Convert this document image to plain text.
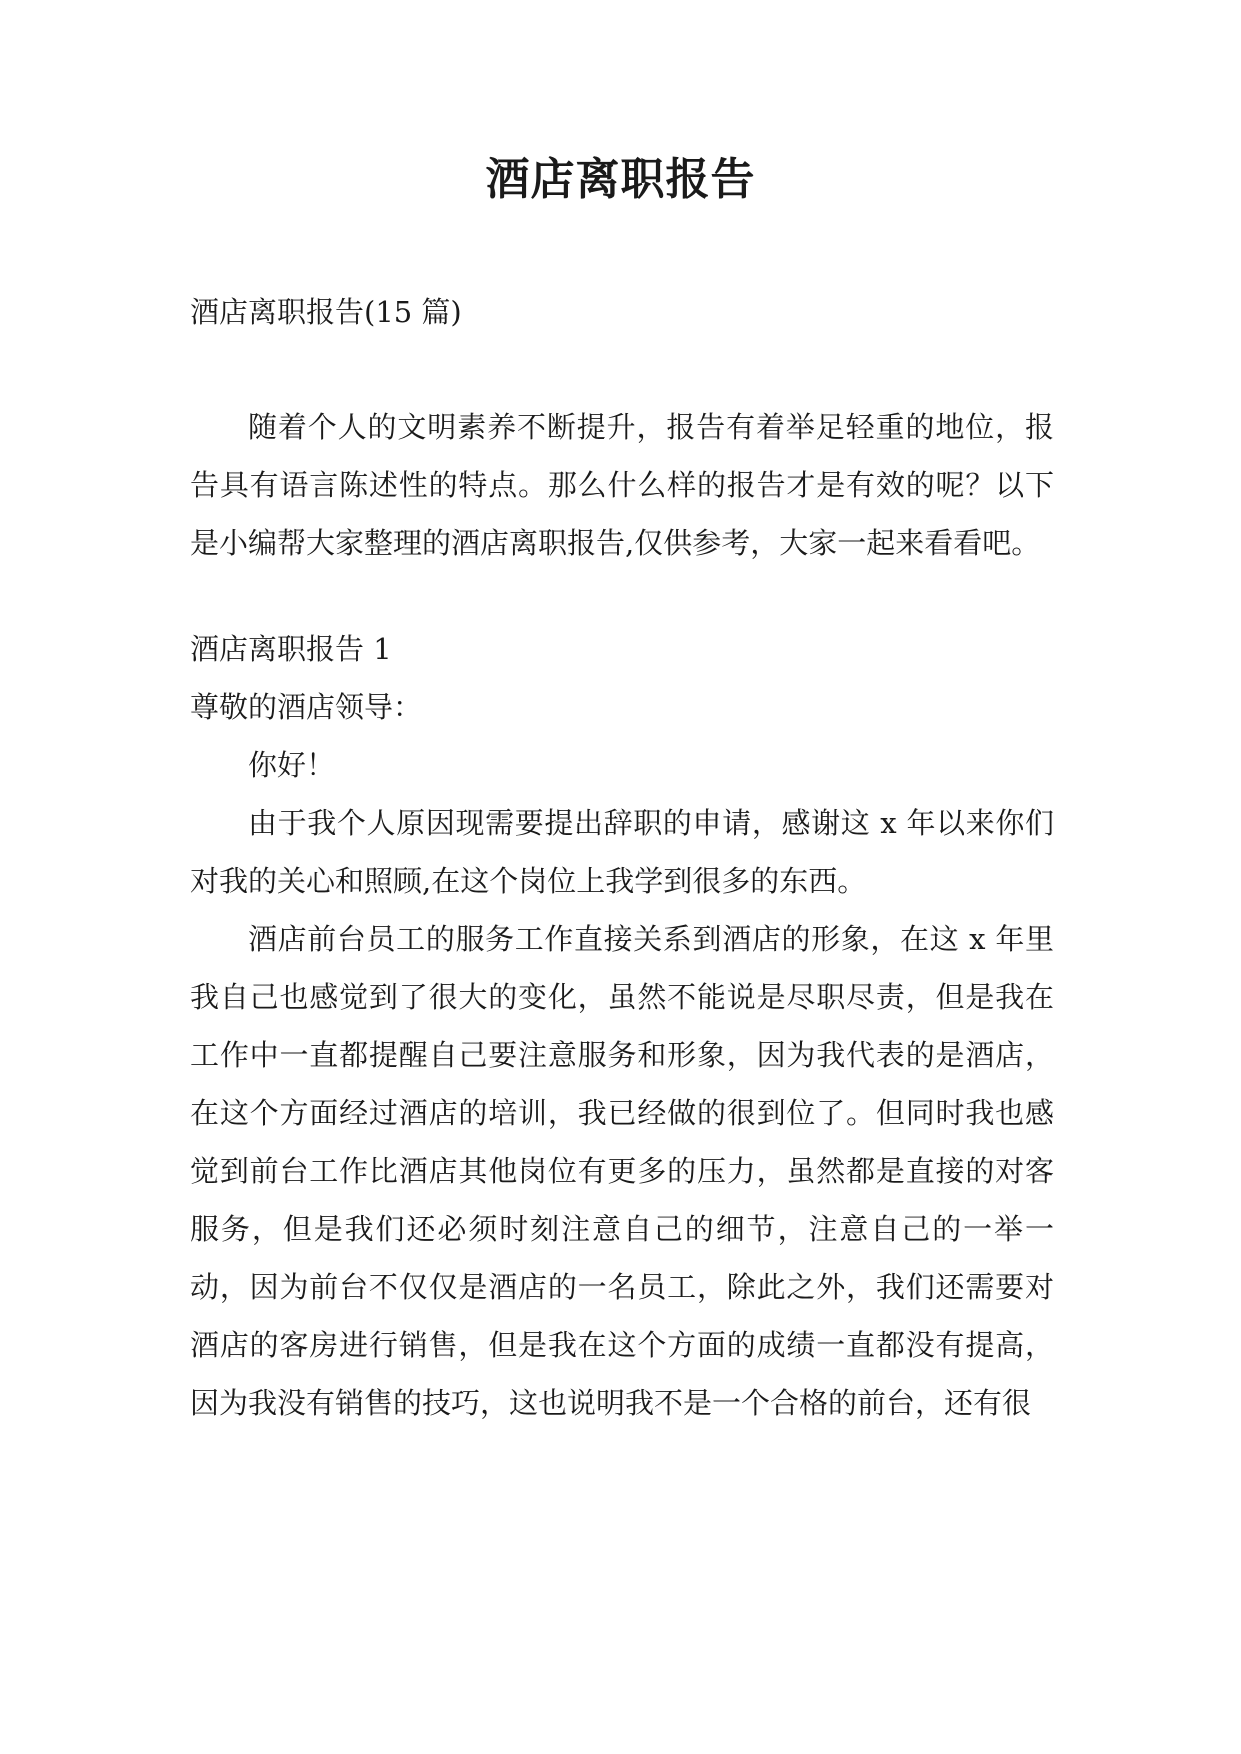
酒店离职报告

酒店离职报告(15 篇)

随着个人的文明素养不断提升，报告有着举足轻重的地位，报告具有语言陈述性的特点。那么什么样的报告才是有效的呢？以下是小编帮大家整理的酒店离职报告,仅供参考，大家一起来看看吧。

酒店离职报告 1

尊敬的酒店领导：

你好！

由于我个人原因现需要提出辞职的申请，感谢这 x 年以来你们对我的关心和照顾,在这个岗位上我学到很多的东西。

酒店前台员工的服务工作直接关系到酒店的形象，在这 x 年里我自己也感觉到了很大的变化，虽然不能说是尽职尽责，但是我在工作中一直都提醒自己要注意服务和形象，因为我代表的是酒店，在这个方面经过酒店的培训，我已经做的很到位了。但同时我也感觉到前台工作比酒店其他岗位有更多的压力，虽然都是直接的对客服务，但是我们还必须时刻注意自己的细节，注意自己的一举一动，因为前台不仅仅是酒店的一名员工，除此之外，我们还需要对酒店的客房进行销售，但是我在这个方面的成绩一直都没有提高，因为我没有销售的技巧，这也说明我不是一个合格的前台，还有很
